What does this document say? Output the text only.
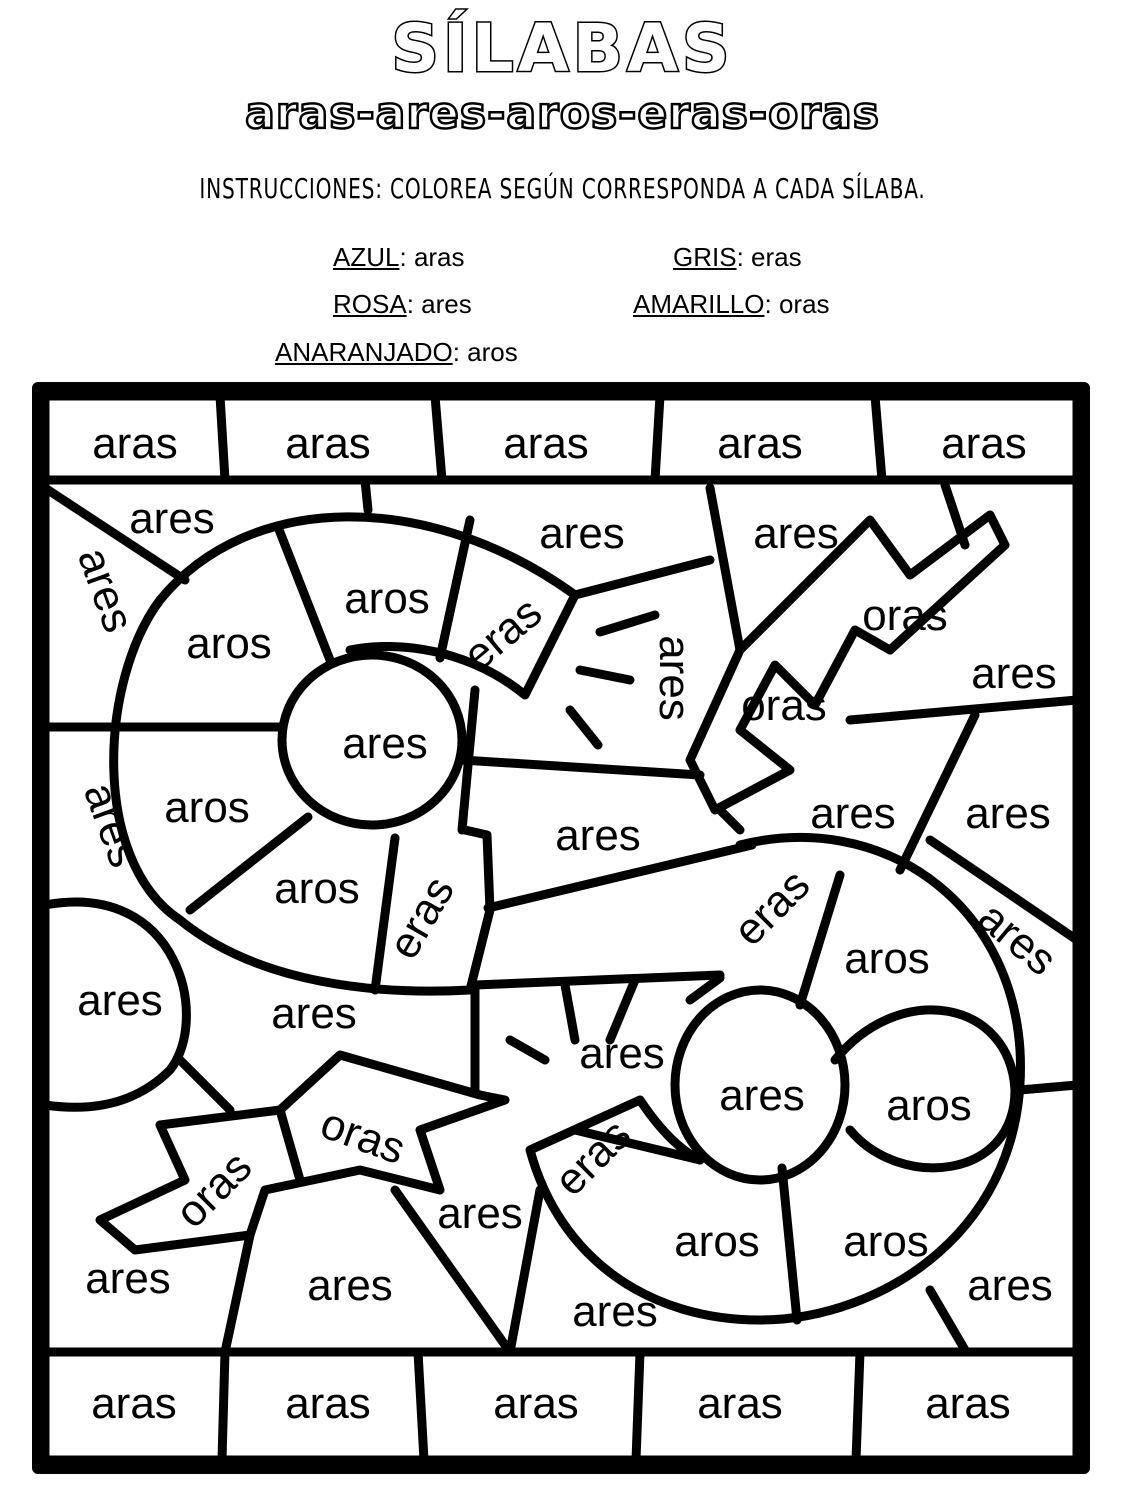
SÍLABAS
aras-ares-aros-eras-oras
INSTRUCCIONES: COLOREA SEGÚN CORRESPONDA A CADA SÍLABA.
AZUL: aras	GRIS: eras
ROSA: ares	AMARILLO: oras
ANARANJADO: aros
aras aras	aras	aras	aras
aras aras	aras	aras	aras
ares
ares
ares
ares	ares
aros
aros
aros
aros
eras
eras
ares
ares
oras
oras
ares
ares ares
ares
eras
eras
aros
aros
aros aros
ares
ares
ares ares
ares
oras
oras
ares	ares
ares
ares
ares
